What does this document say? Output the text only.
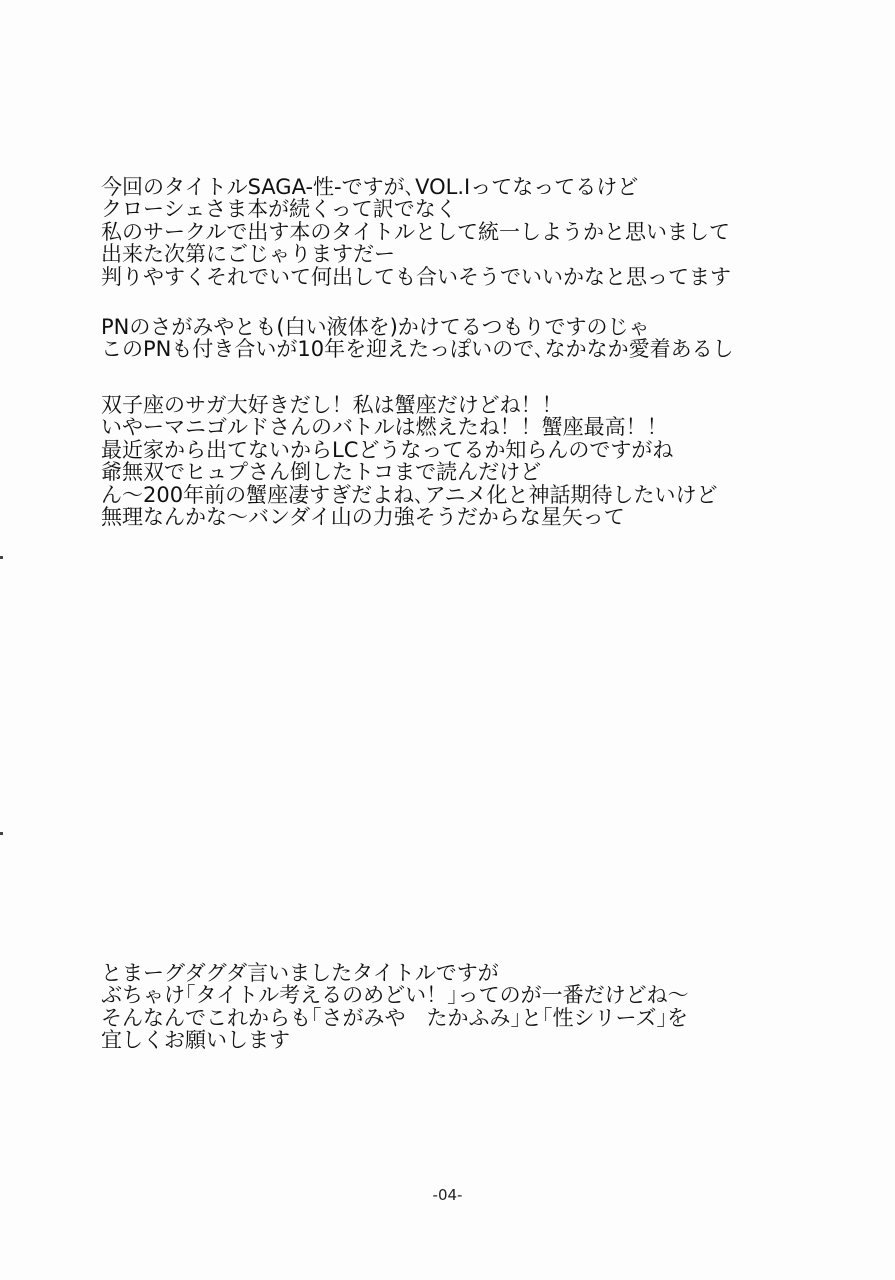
今回のタイトルSAGA-性-ですが､VOL.Ⅰってなってるけど
クローシェさま本が続くって訳でなく
私のサークルで出す本のタイトルとして統一しようかと思いまして
出来た次第にごじゃりますだー
判りやすくそれでいて何出しても合いそうでいいかなと思ってます
PNのさがみやとも(白い液体を)かけてるつもりですのじゃ
このPNも付き合いが10年を迎えたっぽいので､なかなか愛着あるし
双子座のサガ大好きだし！私は蟹座だけどね！！
いやーマニゴルドさんのバトルは燃えたね！！蟹座最高！！
最近家から出てないからLCどうなってるか知らんのですがね
爺無双でヒュプさん倒したトコまで読んだけど
ん～200年前の蟹座凄すぎだよね､アニメ化と神話期待したいけど
無理なんかな～バンダイ山の力強そうだからな星矢って
とまーグダグダ言いましたタイトルですが
ぶちゃけ｢タイトル考えるのめどい！｣ってのが一番だけどね～
そんなんでこれからも｢さがみや　たかふみ｣と｢性シリーズ｣を
宜しくお願いします
-04-
